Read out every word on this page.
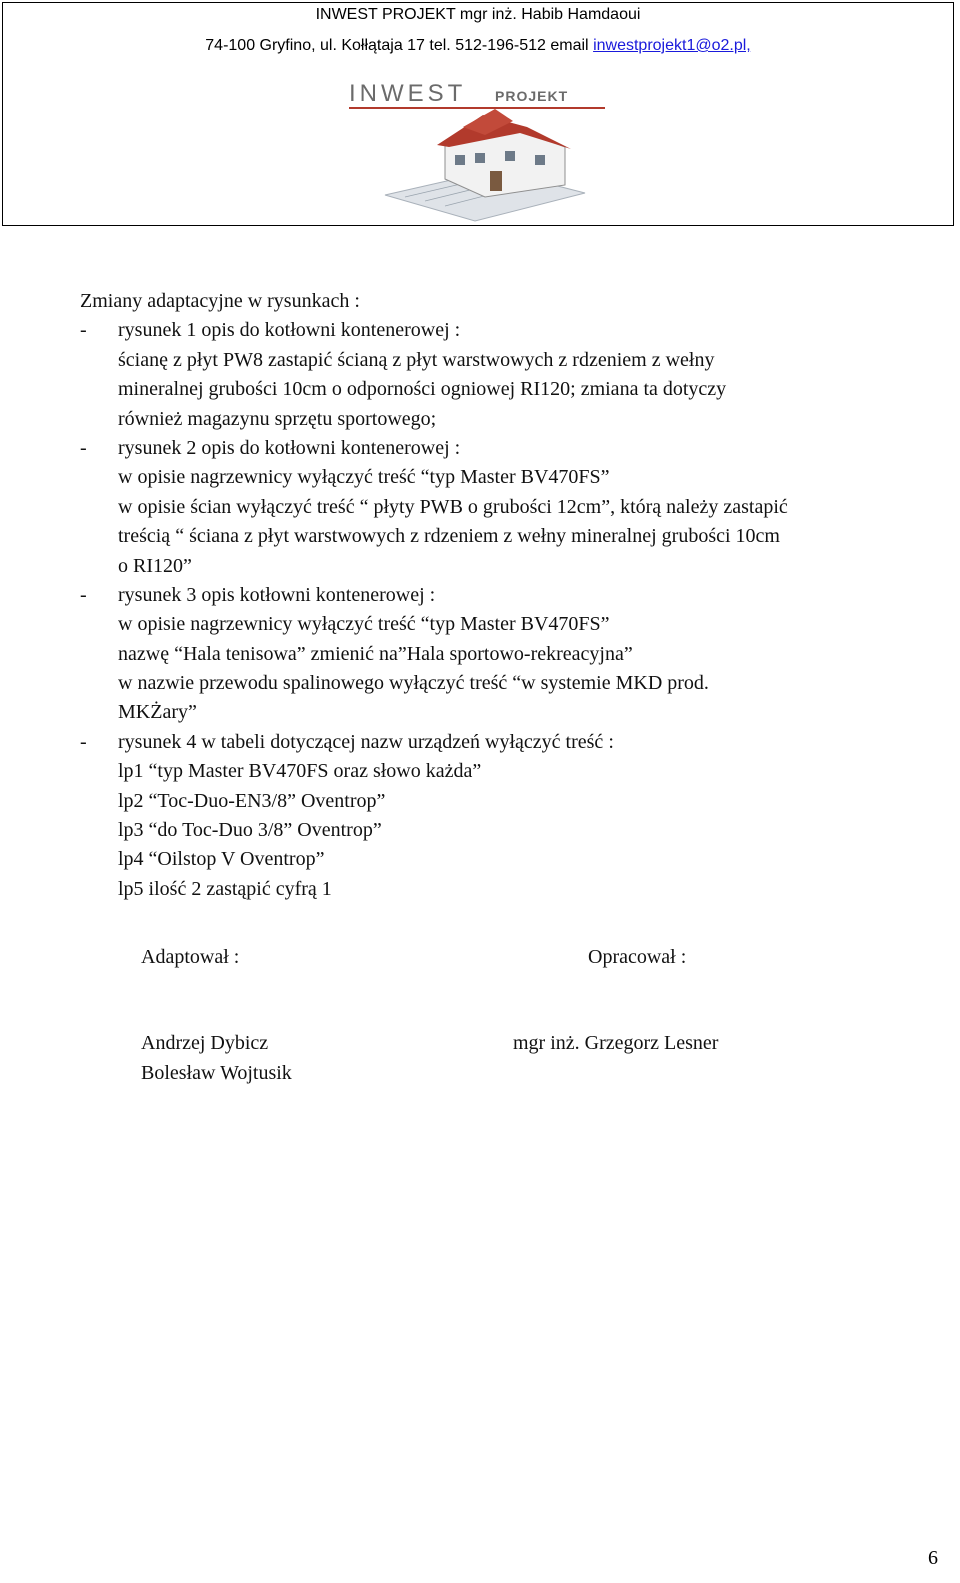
INWEST PROJEKT mgr inż. Habib Hamdaoui
74-100 Gryfino, ul. Kołłątaja 17 tel. 512-196-512 email inwestprojekt1@o2.pl,
INWEST PROJEKT
Zmiany adaptacyjne w rysunkach :
- rysunek 1 opis do kotłowni kontenerowej :
ścianę z płyt PW8 zastapić ścianą z płyt warstwowych z rdzeniem z wełny
mineralnej grubości 10cm o odporności ogniowej RI120; zmiana ta dotyczy
również magazynu sprzętu sportowego;
- rysunek 2 opis do kotłowni kontenerowej :
w opisie nagrzewnicy wyłączyć treść “typ Master BV470FS”
w opisie ścian wyłączyć treść “ płyty PWB o grubości 12cm”, którą należy zastapić
treścią “ ściana z płyt warstwowych z rdzeniem z wełny mineralnej grubości 10cm
o RI120”
- rysunek 3 opis kotłowni kontenerowej :
w opisie nagrzewnicy wyłączyć treść “typ Master BV470FS”
nazwę “Hala tenisowa” zmienić na”Hala sportowo-rekreacyjna”
w nazwie przewodu spalinowego wyłączyć treść “w systemie MKD prod.
MKŻary”
- rysunek 4 w tabeli dotyczącej nazw urządzeń wyłączyć treść :
lp1 “typ Master BV470FS oraz słowo każda”
lp2 “Toc-Duo-EN3/8” Oventrop”
lp3 “do Toc-Duo 3/8” Oventrop”
lp4 “Oilstop V Oventrop”
lp5 ilość 2 zastąpić cyfrą 1
Adaptował :	Opracował :
Andrzej Dybicz
Bolesław Wojtusik
mgr inż. Grzegorz Lesner
6
